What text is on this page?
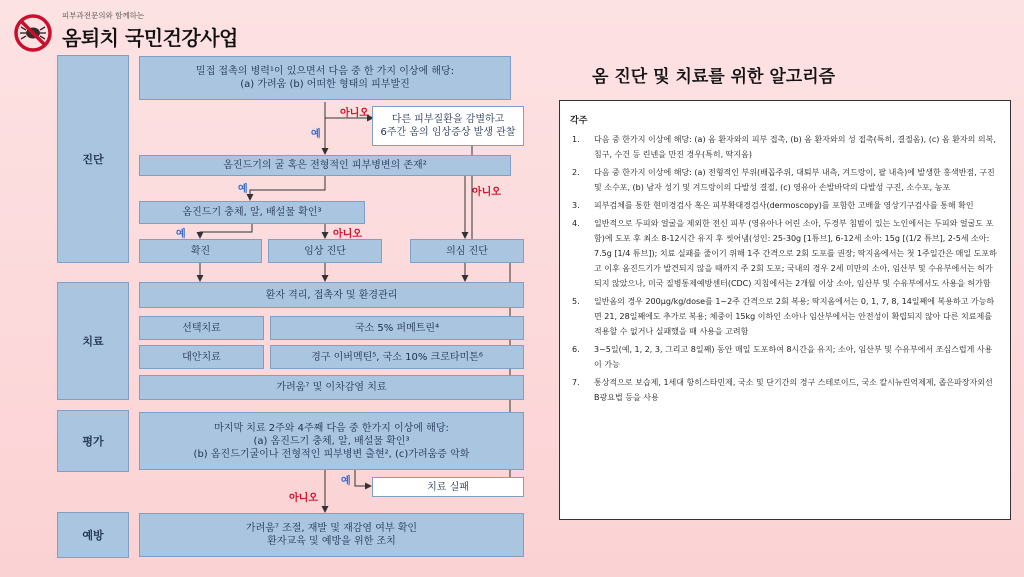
피부과전문의와 함께하는
옴퇴치 국민건강사업
진단
치료
평가
예방
밀접 접촉의 병력¹이 있으면서 다음 중 한 가지 이상에 해당:
(a) 가려움 (b) 어떠한 형태의 피부발진
다른 피부질환을 감별하고
6주간 옴의 임상증상 발생 관찰
옴진드기의 굴 혹은 전형적인 피부병변의 존재²
옴진드기 충체, 알, 배설물 확인³
확진	임상 진단	의심 진단
환자 격리, 접촉자 및 환경관리
선택치료	국소 5% 퍼메트린⁴
대안치료	경구 이버멕틴⁵, 국소 10% 크로타미톤⁶
가려움⁷ 및 이차감염 치료
마지막 치료 2주와 4주째 다음 중 한가지 이상에 해당:
(a) 옴진드기 충체, 알, 배설물 확인³
(b) 옴진드기굴이나 전형적인 피부병변 출현², (c)가려움증 악화
치료 실패
가려움⁷ 조절, 재발 및 재감염 여부 확인
환자교육 및 예방을 위한 조치
아니오
예
아니오
예
예	아니오
아니오
예
옴 진단 및 치료를 위한 알고리즘
각주
1.	다음 중 한가지 이상에 해당: (a) 옴 환자와의 피부 접촉, (b) 옴 환자와의 성 접촉(특히, 결절옴), (c) 옴 환자의 의복, 침구, 수건 등 린넨을 만진 경우(특히, 딱지옴)
2.	다음 중 한가지 이상에 해당: (a) 전형적인 부위(배꼽주위, 대퇴부 내측, 겨드랑이, 팔 내측)에 발생한 홍색반점, 구진 및 소수포, (b) 남자 성기 및 겨드랑이의 다발성 결절, (c) 영유아 손발바닥의 다발성 구진, 소수포, 농포
3.	피부검체를 통한 현미경검사 혹은 피부확대경검사(dermoscopy)를 포함한 고배율 영상기구검사를 통해 확인
4.	일반적으로 두피와 얼굴을 제외한 전신 피부 (영유아나 어린 소아, 두경부 침범이 있는 노인에서는 두피와 얼굴도 포함)에 도포 후 최소 8-12시간 유지 후 씻어냄(성인: 25-30g [1튜브], 6-12세 소아: 15g [(1/2 튜브], 2-5세 소아: 7.5g [1/4 튜브]); 치료 실패를 줄이기 위해 1주 간격으로 2회 도포를 권장; 딱지옴에서는 첫 1주일간은 매일 도포하고 이후 옴진드기가 발견되지 않을 때까지 주 2회 도포; 국내의 경우 2세 미만의 소아, 임산부 및 수유부에서는 허가되지 않았으나, 미국 질병통제예방센터(CDC) 지침에서는 2개월 이상 소아, 임산부 및 수유부에서도 사용을 허가함
5.	일반옴의 경우 200μg/kg/dose를 1~2주 간격으로 2회 복용; 딱지옴에서는 0, 1, 7, 8, 14일째에 복용하고 가능하면 21, 28일째에도 추가로 복용; 체중이 15kg 이하인 소아나 임산부에서는 안전성이 확립되지 않아 다른 치료제를 적용할 수 없거나 실패했을 때 사용을 고려함
6.	3~5일(예, 1, 2, 3, 그리고 8일째) 동안 매일 도포하여 8시간을 유지; 소아, 임산부 및 수유부에서 조심스럽게 사용이 가능
7.	통상적으로 보습제, 1세대 항히스타민제, 국소 및 단기간의 경구 스테로이드, 국소 칼시뉴린억제제, 좁은파장자외선 B광요법 등을 사용
